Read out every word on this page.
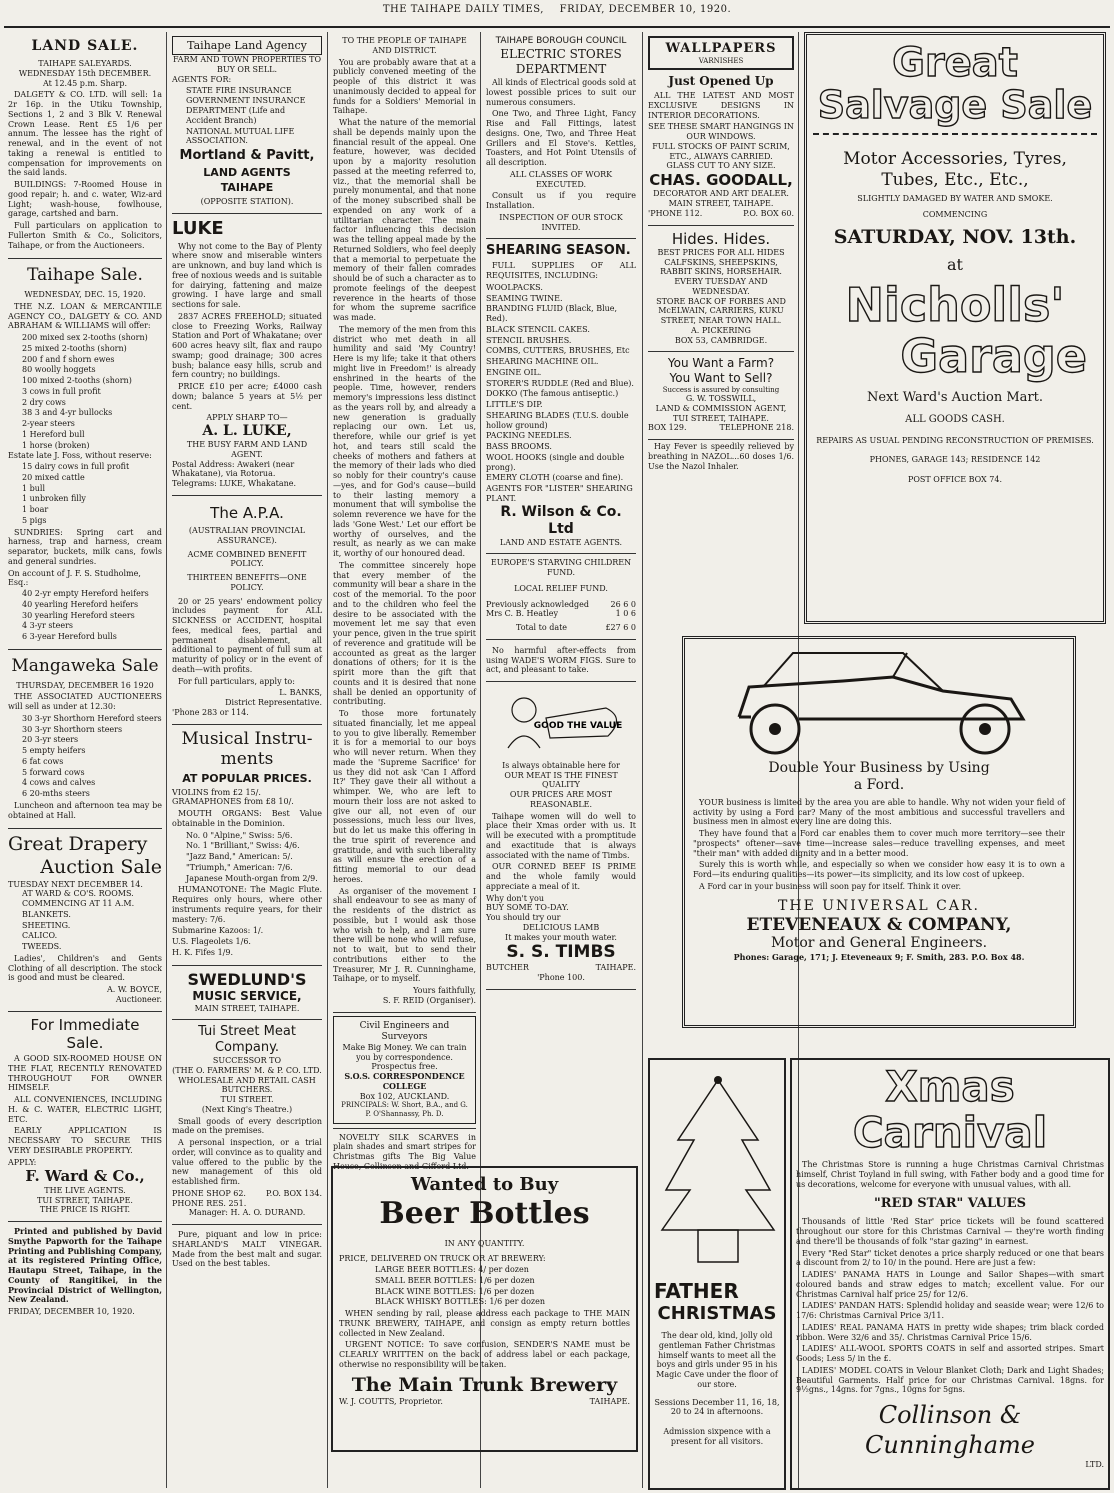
THE TAIHAPE DAILY TIMES, FRIDAY, DECEMBER 10, 1920.
LAND SALE.
TAIHAPE SALEYARDS.
WEDNESDAY 15th DECEMBER.
At 12.45 p.m. Sharp.
DALGETY & CO. LTD. will sell: 1a 2r 16p. in the Utiku Township, Sections 1, 2 and 3 Blk V. Renewal Crown Lease. Rent £5 1/6 per annum. The lessee has the right of renewal, and in the event of not taking a renewal is entitled to compensation for improvements on the said lands.
BUILDINGS: 7-Roomed House in good repair; h. and c. water, Wiz-ard Light; wash-house, fowlhouse, garage, cartshed and barn.
Full particulars on application to Fullerton Smith & Co., Solicitors, Taihape, or from the Auctioneers.
Taihape Sale.
WEDNESDAY, DEC. 15, 1920.
THE N.Z. LOAN & MERCANTILE AGENCY CO., DALGETY & CO. AND ABRAHAM & WILLIAMS will offer:
200 mixed sex 2-tooths (shorn)
25 mixed 2-tooths (shorn)
200 f and f shorn ewes
80 woolly hoggets
100 mixed 2-tooths (shorn)
3 cows in full profit
2 dry cows
38 3 and 4-yr bullocks
2-year steers
1 Hereford bull
1 horse (broken)
Estate late J. Foss, without reserve:
15 dairy cows in full profit
20 mixed cattle
1 bull
1 unbroken filly
1 boar
5 pigs
SUNDRIES: Spring cart and harness, trap and harness, cream separator, buckets, milk cans, fowls and general sundries.
On account of J. F. S. Studholme, Esq.:
40 2-yr empty Hereford heifers
40 yearling Hereford heifers
30 yearling Hereford steers
4 3-yr steers
6 3-year Hereford bulls
Mangaweka Sale
THURSDAY, DECEMBER 16 1920
THE ASSOCIATED AUCTIONEERS will sell as under at 12.30:
30 3-yr Shorthorn Hereford steers
30 3-yr Shorthorn steers
20 3-yr steers
5 empty heifers
6 fat cows
5 forward cows
4 cows and calves
6 20-mths steers
Luncheon and afternoon tea may be obtained at Hall.
Great Drapery
Auction Sale
TUESDAY NEXT DECEMBER 14.
AT WARD & CO'S. ROOMS.
COMMENCING AT 11 A.M.
BLANKETS.
SHEETING.
CALICO.
TWEEDS.
Ladies', Children's and Gents Clothing of all description. The stock is good and must be cleared.
A. W. BOYCE,
Auctioneer.
For Immediate
Sale.
A GOOD SIX-ROOMED HOUSE ON THE FLAT, RECENTLY RENOVATED THROUGHOUT FOR OWNER HIMSELF.
ALL CONVENIENCES, INCLUDING H. & C. WATER, ELECTRIC LIGHT, ETC.
EARLY APPLICATION IS NECESSARY TO SECURE THIS VERY DESIRABLE PROPERTY.
APPLY:
F. Ward & Co.,
THE LIVE AGENTS.
TUI STREET, TAIHAPE.
THE PRICE IS RIGHT.
Printed and published by David Smythe Papworth for the Taihape Printing and Publishing Company, at its registered Printing Office, Hautapu Street, Taihape, in the County of Rangitikei, in the Provincial District of Wellington, New Zealand.
FRIDAY, DECEMBER 10, 1920.
Taihape Land Agency
FARM AND TOWN PROPERTIES TO BUY OR SELL.
AGENTS FOR:
STATE FIRE INSURANCE
GOVERNMENT INSURANCE DEPARTMENT (Life and Accident Branch)
NATIONAL MUTUAL LIFE ASSOCIATION.
Mortland & Pavitt,
LAND AGENTS
TAIHAPE
(OPPOSITE STATION).
LUKE
Why not come to the Bay of Plenty where snow and miserable winters are unknown, and buy land which is free of noxious weeds and is suitable for dairying, fattening and maize growing. I have large and small sections for sale.
2837 ACRES FREEHOLD; situated close to Freezing Works, Railway Station and Port of Whakatane; over 600 acres heavy silt, flax and raupo swamp; good drainage; 300 acres bush; balance easy hills, scrub and fern country; no buildings.
PRICE £10 per acre; £4000 cash down; balance 5 years at 5½ per cent.
APPLY SHARP TO—
A. L. LUKE,
THE BUSY FARM AND LAND AGENT.
Postal Address: Awakeri (near Whakatane), via Rotorua.
Telegrams: LUKE, Whakatane.
The A.P.A.
(AUSTRALIAN PROVINCIAL ASSURANCE).
ACME COMBINED BENEFIT POLICY.
THIRTEEN BENEFITS—ONE POLICY.
20 or 25 years' endowment policy includes payment for ALL SICKNESS or ACCIDENT, hospital fees, medical fees, partial and permanent disablement, all additional to payment of full sum at maturity of policy or in the event of death—with profits.
For full particulars, apply to:
L. BANKS,
District Representative.
'Phone 283 or 114.
Musical Instru-
ments
AT POPULAR PRICES.
VIOLINS from £2 15/.
GRAMAPHONES from £8 10/.
MOUTH ORGANS: Best Value obtainable in the Dominion.
No. 0 "Alpine," Swiss: 5/6.
No. 1 "Brilliant," Swiss: 4/6.
"Jazz Band," American: 5/.
"Triumph," American: 7/6.
Japanese Mouth-organ from 2/9.
HUMANOTONE: The Magic Flute. Requires only hours, where other instruments require years, for their mastery: 7/6.
Submarine Kazoos: 1/.
U.S. Flageolets 1/6.
H. K. Fifes 1/9.
SWEDLUND'S
MUSIC SERVICE,
MAIN STREET, TAIHAPE.
Tui Street Meat
Company.
SUCCESSOR TO
(THE O. FARMERS' M. & P. CO. LTD.
WHOLESALE AND RETAIL CASH BUTCHERS.
TUI STREET.
(Next King's Theatre.)
Small goods of every description made on the premises.
A personal inspection, or a trial order, will convince as to quality and value offered to the public by the new management of this old established firm.
PHONE SHOP 62.	P.O. BOX 134.
PHONE RES. 251.
Manager: H. A. O. DURAND.
Pure, piquant and low in price: SHARLAND'S MALT VINEGAR. Made from the best malt and sugar. Used on the best tables.
TO THE PEOPLE OF TAIHAPE AND DISTRICT.
You are probably aware that at a publicly convened meeting of the people of this district it was unanimously decided to appeal for funds for a Soldiers' Memorial in Taihape.
What the nature of the memorial shall be depends mainly upon the financial result of the appeal. One feature, however, was decided upon by a majority resolution passed at the meeting referred to, viz., that the memorial shall be purely monumental, and that none of the money subscribed shall be expended on any work of a utilitarian character. The main factor influencing this decision was the telling appeal made by the Returned Soldiers, who feel deeply that a memorial to perpetuate the memory of their fallen comrades should be of such a character as to promote feelings of the deepest reverence in the hearts of those for whom the supreme sacrifice was made.
The memory of the men from this district who met death in all humility and said 'My Country! Here is my life; take it that others might live in Freedom!' is already enshrined in the hearts of the people. Time, however, renders memory's impressions less distinct as the years roll by, and already a new generation is gradually replacing our own. Let us, therefore, while our grief is yet hot, and tears still scald the cheeks of mothers and fathers at the memory of their lads who died so nobly for their country's cause—yes, and for God's cause—build to their lasting memory a monument that will symbolise the solemn reverence we have for the lads 'Gone West.' Let our effort be worthy of ourselves, and the result, as nearly as we can make it, worthy of our honoured dead.
The committee sincerely hope that every member of the community will bear a share in the cost of the memorial. To the poor and to the children who feel the desire to be associated with the movement let me say that even your pence, given in the true spirit of reverence and gratitude will be accounted as great as the larger donations of others; for it is the spirit more than the gift that counts and it is desired that none shall be denied an opportunity of contributing.
To those more fortunately situated financially, let me appeal to you to give liberally. Remember it is for a memorial to our boys who will never return. When they made the 'Supreme Sacrifice' for us they did not ask 'Can I Afford It?' They gave their all without a whimper. We, who are left to mourn their loss are not asked to give our all, not even of our possessions, much less our lives, but do let us make this offering in the true spirit of reverence and gratitude, and with such liberality as will ensure the erection of a fitting memorial to our dead heroes.
As organiser of the movement I shall endeavour to see as many of the residents of the district as possible, but I would ask those who wish to help, and I am sure there will be none who will refuse, not to wait, but to send their contributions either to the Treasurer, Mr J. R. Cunninghame, Taihape, or to myself.
Yours faithfully,
S. F. REID (Organiser).
Civil Engineers and Surveyors
Make Big Money. We can train you by correspondence. Prospectus free.
S.O.S. CORRESPONDENCE COLLEGE
Box 102, AUCKLAND.
PRINCIPALS: W. Short, B.A., and G. P. O'Shannassy, Ph. D.
NOVELTY SILK SCARVES in plain shades and smart stripes for Christmas gifts The Big Value House, Collinson and Gifford Ltd.
TAIHAPE BOROUGH COUNCIL
ELECTRIC STORES DEPARTMENT
All kinds of Electrical goods sold at lowest possible prices to suit our numerous consumers.
One Two, and Three Light, Fancy Rise and Fall Fittings, latest designs. One, Two, and Three Heat Grillers and El Stove's. Kettles, Toasters, and Hot Point Utensils of all description.
ALL CLASSES OF WORK EXECUTED.
Consult us if you require Installation.
INSPECTION OF OUR STOCK INVITED.
SHEARING SEASON.
FULL SUPPLIES OF ALL REQUISITES, INCLUDING:
WOOLPACKS.
SEAMING TWINE.
BRANDING FLUID (Black, Blue, Red).
BLACK STENCIL CAKES.
STENCIL BRUSHES.
COMBS, CUTTERS, BRUSHES, Etc
SHEARING MACHINE OIL.
ENGINE OIL.
STORER'S RUDDLE (Red and Blue).
DOKKO (The famous antiseptic.)
LITTLE'S DIP.
SHEARING BLADES (T.U.S. double hollow ground)
PACKING NEEDLES.
BASS BROOMS.
WOOL HOOKS (single and double prong).
EMERY CLOTH (coarse and fine).
AGENTS FOR "LISTER" SHEARING PLANT.
R. Wilson & Co. Ltd
LAND AND ESTATE AGENTS.
EUROPE'S STARVING CHILDREN FUND.
LOCAL RELIEF FUND.
Previously acknowledged	26 6 0
Mrs C. B. Heatley	1 0 6
Total to date	£27 6 0
No harmful after-effects from using WADE'S WORM FIGS. Sure to act, and pleasant to take.
GOOD THE VALUE
Is always obtainable here for
OUR MEAT IS THE FINEST QUALITY
OUR PRICES ARE MOST REASONABLE.
Taihape women will do well to place their Xmas order with us. It will be executed with a promptitude and exactitude that is always associated with the name of Timbs.
OUR CORNED BEEF IS PRIME and the whole family would appreciate a meal of it.
Why don't you
BUY SOME TO-DAY.
You should try our
DELICIOUS LAMB
It makes your mouth water.
S. S. TIMBS
BUTCHER	TAIHAPE.
'Phone 100.
Wanted to Buy
Beer Bottles
IN ANY QUANTITY.
PRICE, DELIVERED ON TRUCK OR AT BREWERY:
LARGE BEER BOTTLES: 4/ per dozen
SMALL BEER BOTTLES: 1/6 per dozen
BLACK WINE BOTTLES: 1/6 per dozen
BLACK WHISKY BOTTLES: 1/6 per dozen
WHEN sending by rail, please address each package to THE MAIN TRUNK BREWERY, TAIHAPE, and consign as empty return bottles collected in New Zealand.
URGENT NOTICE: To save confusion, SENDER'S NAME must be CLEARLY WRITTEN on the back of address label or each package, otherwise no responsibility will be taken.
The Main Trunk Brewery
W. J. COUTTS, Proprietor.	TAIHAPE.
WALLPAPERS
VARNISHES
Just Opened Up
ALL THE LATEST AND MOST EXCLUSIVE DESIGNS IN INTERIOR DECORATIONS.
SEE THESE SMART HANGINGS IN OUR WINDOWS.
FULL STOCKS OF PAINT SCRIM, ETC., ALWAYS CARRIED.
GLASS CUT TO ANY SIZE.
CHAS. GOODALL,
DECORATOR AND ART DEALER.
MAIN STREET, TAIHAPE.
'PHONE 112.	P.O. BOX 60.
Hides. Hides.
BEST PRICES FOR ALL HIDES CALFSKINS, SHEEPSKINS, RABBIT SKINS, HORSEHAIR.
EVERY TUESDAY AND WEDNESDAY.
STORE BACK OF FORBES AND McELWAIN, CARRIERS, KUKU STREET, NEAR TOWN HALL.
A. PICKERING
BOX 53, CAMBRIDGE.
You Want a Farm?
You Want to Sell?
Success is assured by consulting
G. W. TOSSWILL,
LAND & COMMISSION AGENT,
TUI STREET, TAIHAPE.
BOX 129.	TELEPHONE 218.
Hay Fever is speedily relieved by breathing in NAZOL...60 doses 1/6. Use the Nazol Inhaler.
Great
Salvage Sale
Motor Accessories, Tyres, Tubes, Etc., Etc.,
SLIGHTLY DAMAGED BY WATER AND SMOKE.
COMMENCING
SATURDAY, NOV. 13th.
at
Nicholls'
Garage
Next Ward's Auction Mart.
ALL GOODS CASH.
REPAIRS AS USUAL PENDING RECONSTRUCTION OF PREMISES.
PHONES, GARAGE 143; RESIDENCE 142
POST OFFICE BOX 74.
Double Your Business by Using
a Ford.
YOUR business is limited by the area you are able to handle. Why not widen your field of activity by using a Ford car? Many of the most ambitious and successful travellers and business men in almost every line are doing this.
They have found that a Ford car enables them to cover much more territory—see their "prospects" oftener—save time—increase sales—reduce travelling expenses, and meet "their man" with added dignity and in a better mood.
Surely this is worth while, and especially so when we consider how easy it is to own a Ford—its enduring qualities—its power—its simplicity, and its low cost of upkeep.
A Ford car in your business will soon pay for itself. Think it over.
THE UNIVERSAL CAR.
ETEVENEAUX & COMPANY,
Motor and General Engineers.
Phones: Garage, 171; J. Eteveneaux 9; F. Smith, 283. P.O. Box 48.
FATHER
CHRISTMAS
The dear old, kind, jolly old gentleman Father Christmas himself wants to meet all the boys and girls under 95 in his Magic Cave under the floor of our store.
Sessions December 11, 16, 18, 20 to 24 in afternoons.
Admission sixpence with a present for all visitors.
Xmas Carnival
The Christmas Store is running a huge Christmas Carnival Christmas himself, Christ Toyland in full swing, with Father body and a good time for us decorations, welcome for everyone with unusual values, with all.
"RED STAR" VALUES
Thousands of little 'Red Star' price tickets will be found scattered throughout our store for this Christmas Carnival — they're worth finding and there'll be thousands of folk "star gazing" in earnest.
Every "Red Star" ticket denotes a price sharply reduced or one that bears a discount from 2/ to 10/ in the pound. Here are just a few:
LADIES' PANAMA HATS in Lounge and Sailor Shapes—with smart coloured bands and straw edges to match; excellent value. For our Christmas Carnival half price 25/ for 12/6.
LADIES' PANDAN HATS: Splendid holiday and seaside wear; were 12/6 to 17/6: Christmas Carnival Price 3/11.
LADIES' REAL PANAMA HATS in pretty wide shapes; trim black corded ribbon. Were 32/6 and 35/. Christmas Carnival Price 15/6.
LADIES' ALL-WOOL SPORTS COATS in self and assorted stripes. Smart Goods; Less 5/ in the £.
LADIES' MODEL COATS in Velour Blanket Cloth; Dark and Light Shades; Beautiful Garments. Half price for our Christmas Carnival. 18gns. for 9½gns., 14gns. for 7gns., 10gns for 5gns.
Collinson & Cunninghame
LTD.
